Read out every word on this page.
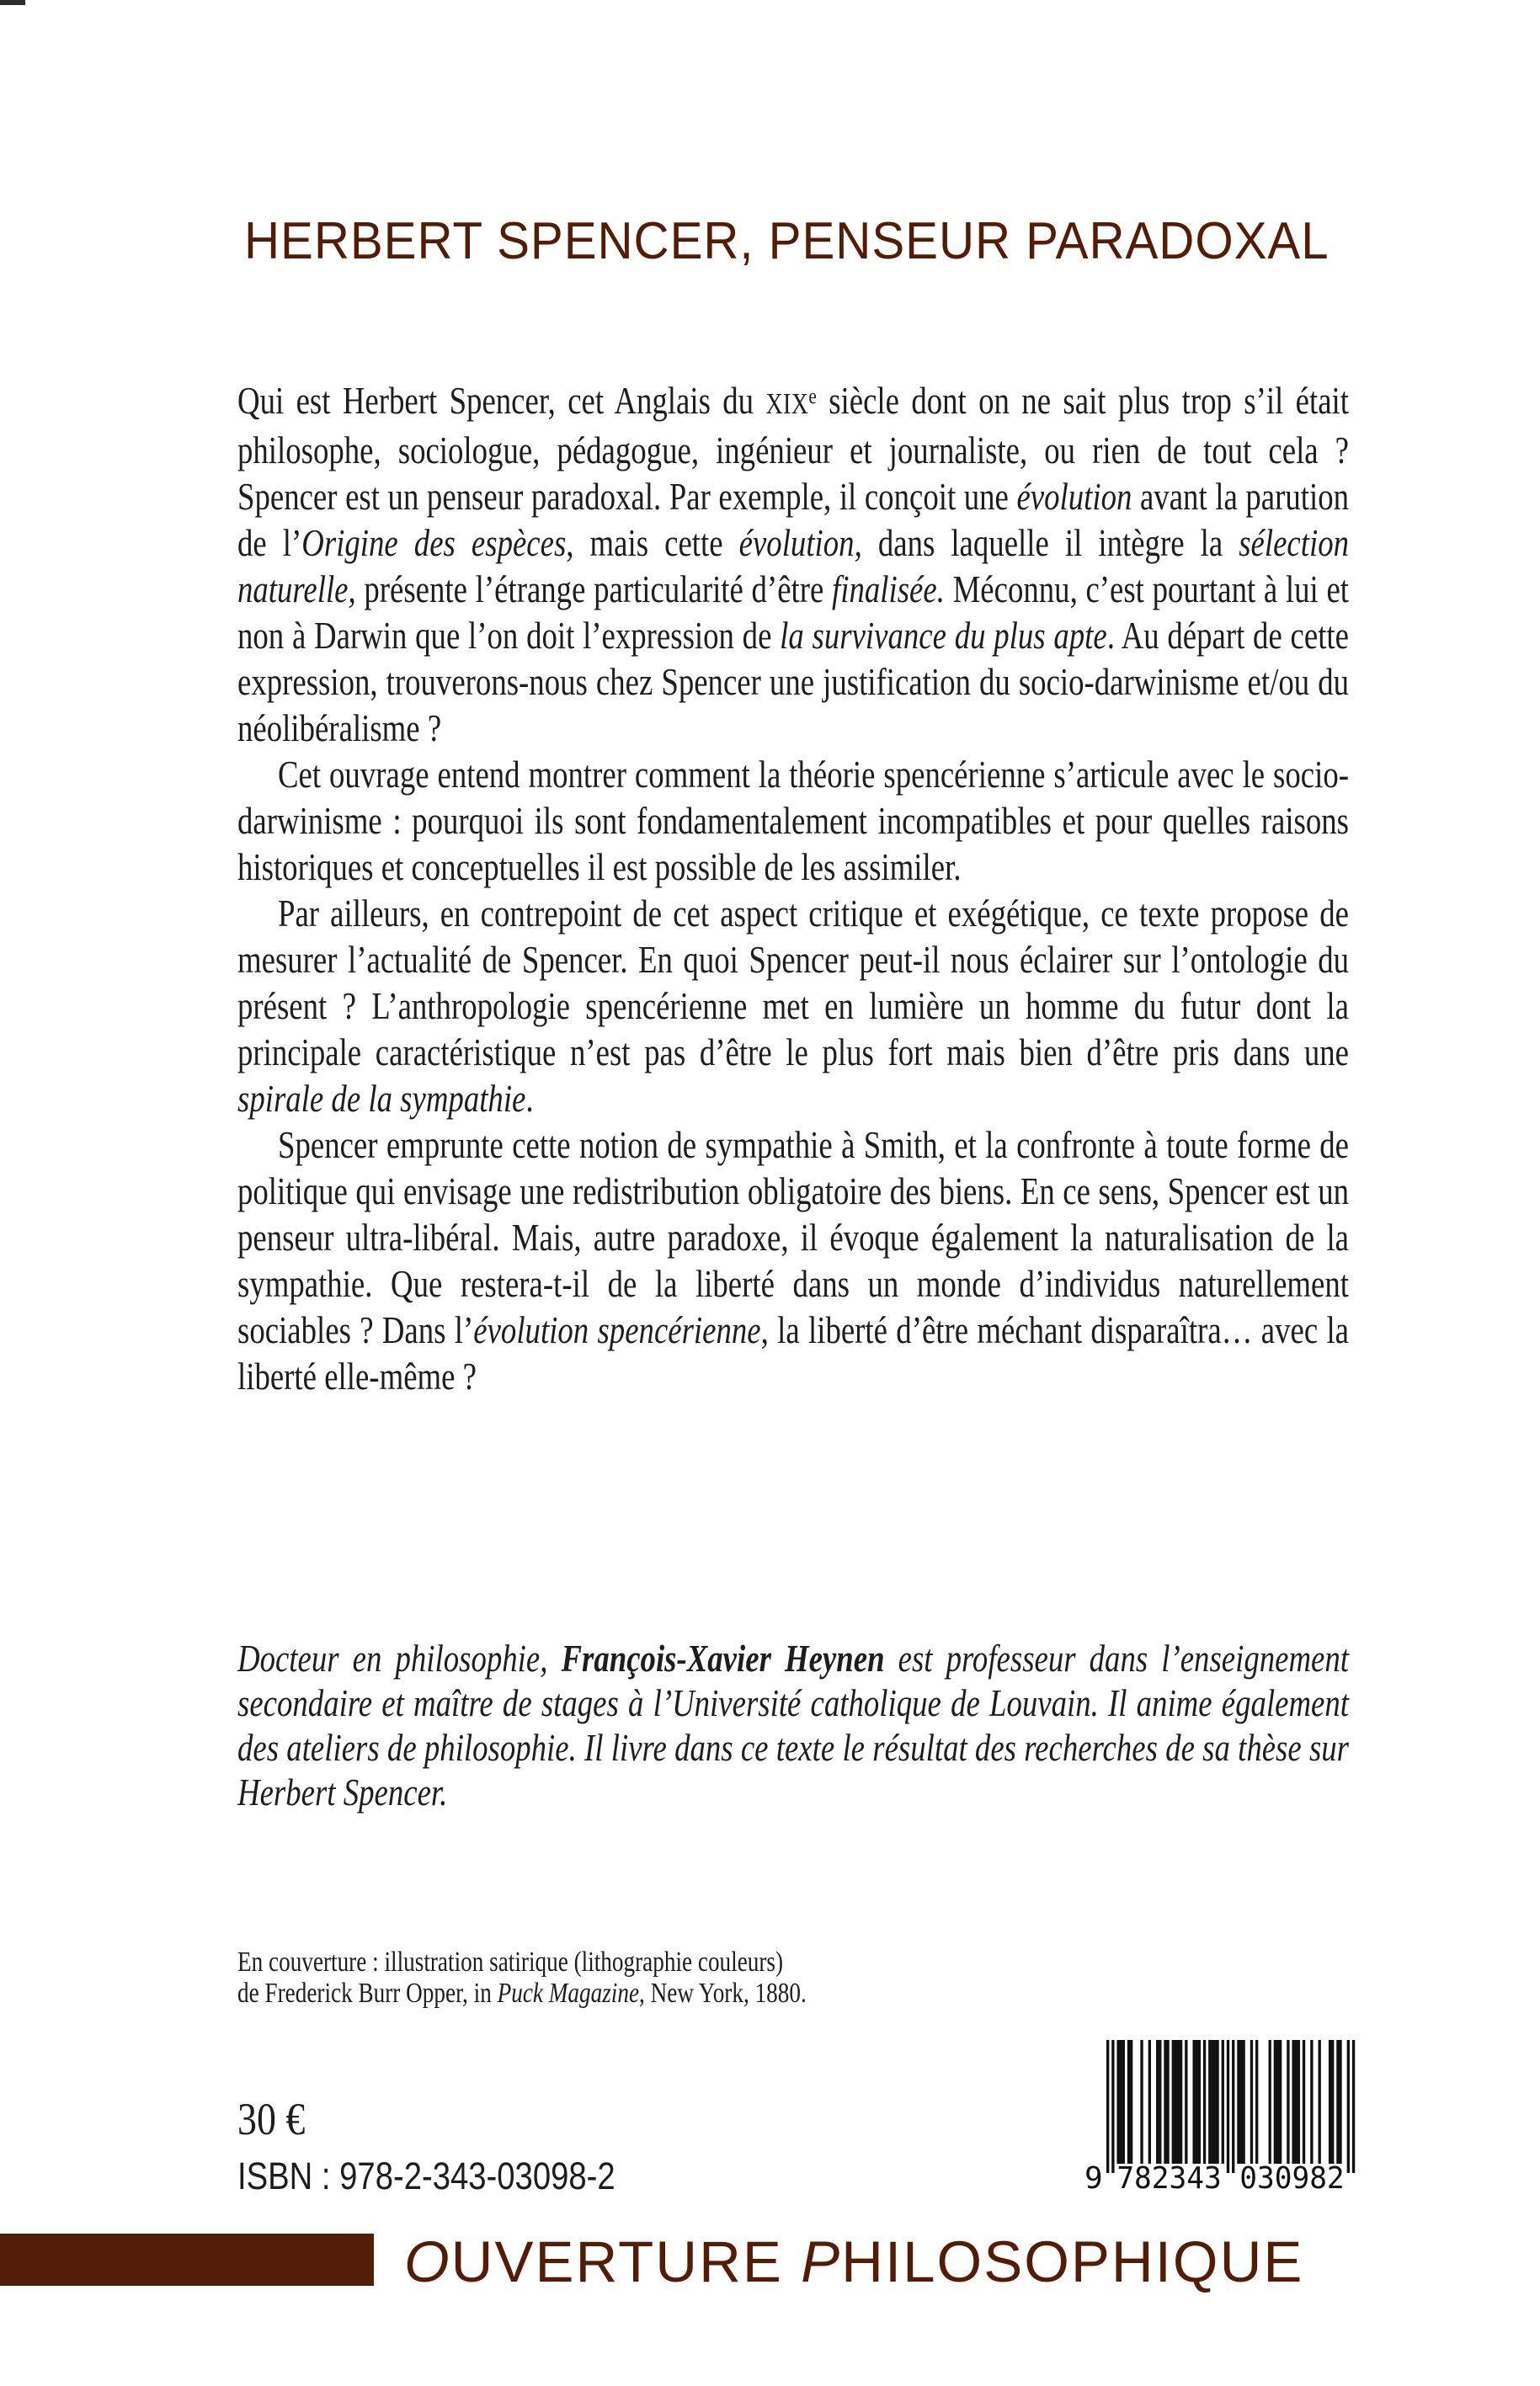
HERBERT SPENCER, PENSEUR PARADOXAL

Qui est Herbert Spencer, cet Anglais du XIXe siècle dont on ne sait plus trop s’il était philosophe, sociologue, pédagogue, ingénieur et journaliste, ou rien de tout cela ? Spencer est un penseur paradoxal. Par exemple, il conçoit une évolution avant la parution de l’Origine des espèces, mais cette évolution, dans laquelle il intègre la sélection naturelle, présente l’étrange particularité d’être finalisée. Méconnu, c’est pourtant à lui et non à Darwin que l’on doit l’expression de la survivance du plus apte. Au départ de cette expression, trouverons-nous chez Spencer une justification du socio-darwinisme et/ou du néolibéralisme ?

Cet ouvrage entend montrer comment la théorie spencérienne s’articule avec le socio-darwinisme : pourquoi ils sont fondamentalement incompatibles et pour quelles raisons historiques et conceptuelles il est possible de les assimiler.

Par ailleurs, en contrepoint de cet aspect critique et exégétique, ce texte propose de mesurer l’actualité de Spencer. En quoi Spencer peut-il nous éclairer sur l’ontologie du présent ? L’anthropologie spencérienne met en lumière un homme du futur dont la principale caractéristique n’est pas d’être le plus fort mais bien d’être pris dans une spirale de la sympathie.

Spencer emprunte cette notion de sympathie à Smith, et la confronte à toute forme de politique qui envisage une redistribution obligatoire des biens. En ce sens, Spencer est un penseur ultra-libéral. Mais, autre paradoxe, il évoque également la naturalisation de la sympathie. Que restera-t-il de la liberté dans un monde d’individus naturellement sociables ? Dans l’évolution spencérienne, la liberté d’être méchant disparaîtra… avec la liberté elle-même ?

Docteur en philosophie, François-Xavier Heynen est professeur dans l’enseignement secondaire et maître de stages à l’Université catholique de Louvain. Il anime également des ateliers de philosophie. Il livre dans ce texte le résultat des recherches de sa thèse sur Herbert Spencer.
En couverture : illustration satirique (lithographie couleurs)
de Frederick Burr Opper, in Puck Magazine, New York, 1880.
30 €
ISBN : 978-2-343-03098-2	9 782343 030982
OUVERTURE PHILOSOPHIQUE
